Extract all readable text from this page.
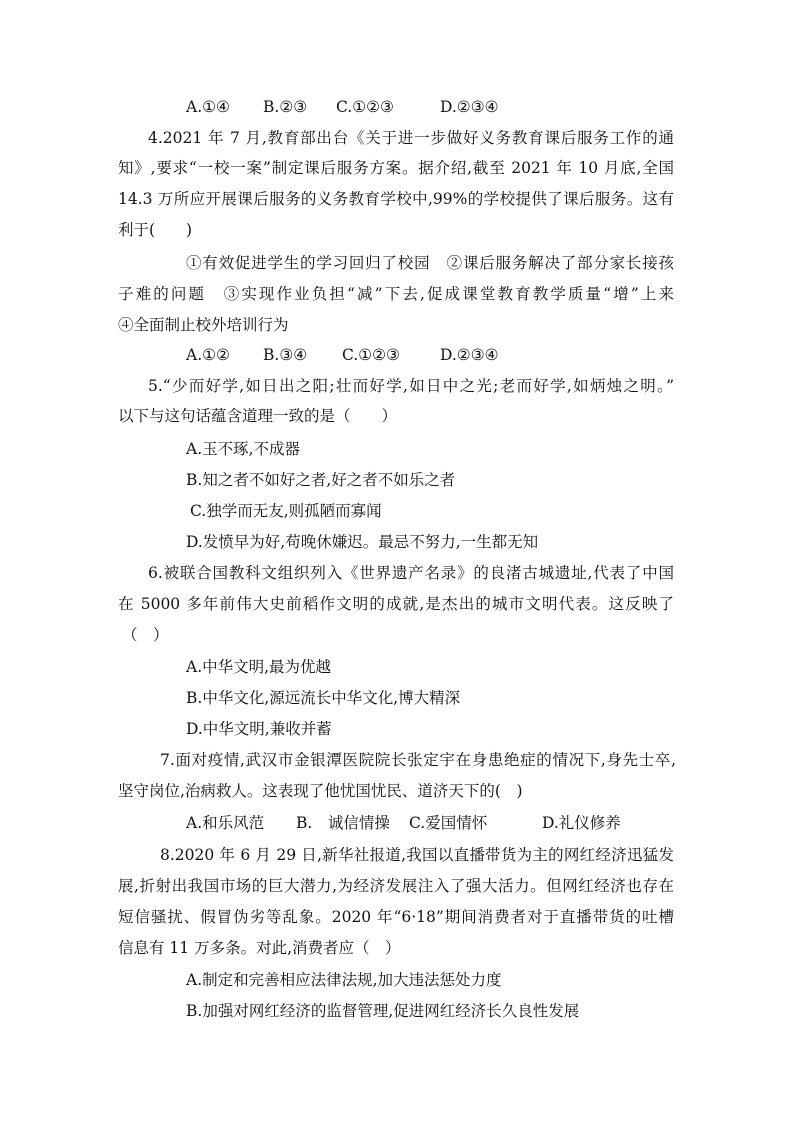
A.①④ B.②③ C.①②③	D.②③④
4.2021 年 7 月,教育部出台《关于进一步做好义务教育课后服务工作的通
知》,要求“一校一案”制定课后服务方案。据介绍,截至 2021 年 10 月底,全国
14.3 万所应开展课后服务的义务教育学校中,99%的学校提供了课后服务。这有
利于(　　)
①有效促进学生的学习回归了校园　②课后服务解决了部分家长接孩
子难的问题　③实现作业负担“减”下去,促成课堂教育教学质量“增”上来
④全面制止校外培训行为
A.①② B.③④ C.①②③	D.②③④
5.“少而好学,如日出之阳;壮而好学,如日中之光;老而好学,如炳烛之明。”
以下与这句话蕴含道理一致的是（　　）
A.玉不琢,不成器
B.知之者不如好之者,好之者不如乐之者
C.独学而无友,则孤陋而寡闻
D.发愤早为好,苟晚休嫌迟。最忌不努力,一生都无知
6.被联合国教科文组织列入《世界遗产名录》的良渚古城遗址,代表了中国
在 5000 多年前伟大史前稻作文明的成就,是杰出的城市文明代表。这反映了
（　）
A.中华文明,最为优越
B.中华文化,源远流长中华文化,博大精深
D.中华文明,兼收并蓄
7.面对疫情,武汉市金银潭医院院长张定宇在身患绝症的情况下,身先士卒,
坚守岗位,治病救人。这表现了他忧国忧民、道济天下的(　)
A.和乐风范 B.　诚信情操 C.爱国情怀	D.礼仪修养
8.2020 年 6 月 29 日,新华社报道,我国以直播带货为主的网红经济迅猛发
展,折射出我国市场的巨大潜力,为经济发展注入了强大活力。但网红经济也存在
短信骚扰、假冒伪劣等乱象。2020 年“6·18”期间消费者对于直播带货的吐槽
信息有 11 万多条。对此,消费者应（　）
A.制定和完善相应法律法规,加大违法惩处力度
B.加强对网红经济的监督管理,促进网红经济长久良性发展
